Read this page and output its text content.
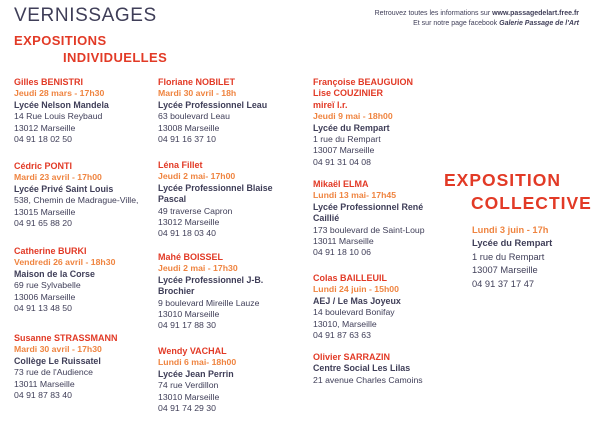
VERNISSAGES	Retrouvez toutes les informations sur www.passagedelart.free.fr
Et sur notre page facebook Galerie Passage de l'Art
EXPOSITIONS
INDIVIDUELLES
Gilles BENISTRI
Jeudi 28 mars - 17h30
Lycée Nelson Mandela
14 Rue Louis Reybaud
13012 Marseille
04 91 18 02 50
Cédric PONTI
Mardi 23 avril - 17h00
Lycée Privé Saint Louis
538, Chemin de Madrague-Ville,
13015 Marseille
04 91 65 88 20
Catherine BURKI
Vendredi 26 avril - 18h30
Maison de la Corse
69 rue Sylvabelle
13006 Marseille
04 91 13 48 50
Susanne STRASSMANN
Mardi 30 avril - 17h30
Collège Le Ruissatel
73 rue de l'Audience
13011 Marseille
04 91 87 83 40
Floriane NOBILET
Mardi 30 avril - 18h
Lycée Professionnel Leau
63 boulevard Leau
13008 Marseille
04 91 16 37 10
Léna Fillet
Jeudi 2 mai- 17h00
Lycée Professionnel Blaise
Pascal
49 traverse Capron
13012 Marseille
04 91 18 03 40
Mahé BOISSEL
Jeudi 2 mai - 17h30
Lycée Professionnel J-B.
Brochier
9 boulevard Mireille Lauze
13010 Marseille
04 91 17 88 30
Wendy VACHAL
Lundi 6 mai- 18h00
Lycée Jean Perrin
74 rue Verdillon
13010 Marseille
04 91 74 29 30
Françoise BEAUGUION
Lise COUZINIER
mireï l.r.
Jeudi 9 mai - 18h00
Lycée du Rempart
1 rue du Rempart
13007 Marseille
04 91 31 04 08
Mikaël ELMA
Lundi 13 mai- 17h45
Lycée Professionnel René
Caillié
173 boulevard de Saint-Loup
13011 Marseille
04 91 18 10 06
Colas BAILLEUIL
Lundi 24 juin - 15h00
AEJ / Le Mas Joyeux
14 boulevard Bonifay
13010, Marseille
04 91 87 63 63
Olivier SARRAZIN
Centre Social Les Lilas
21 avenue Charles Camoins
EXPOSITION
COLLECTIVE
Lundi 3 juin - 17h
Lycée du Rempart
1 rue du Rempart
13007 Marseille
04 91 37 17 47
